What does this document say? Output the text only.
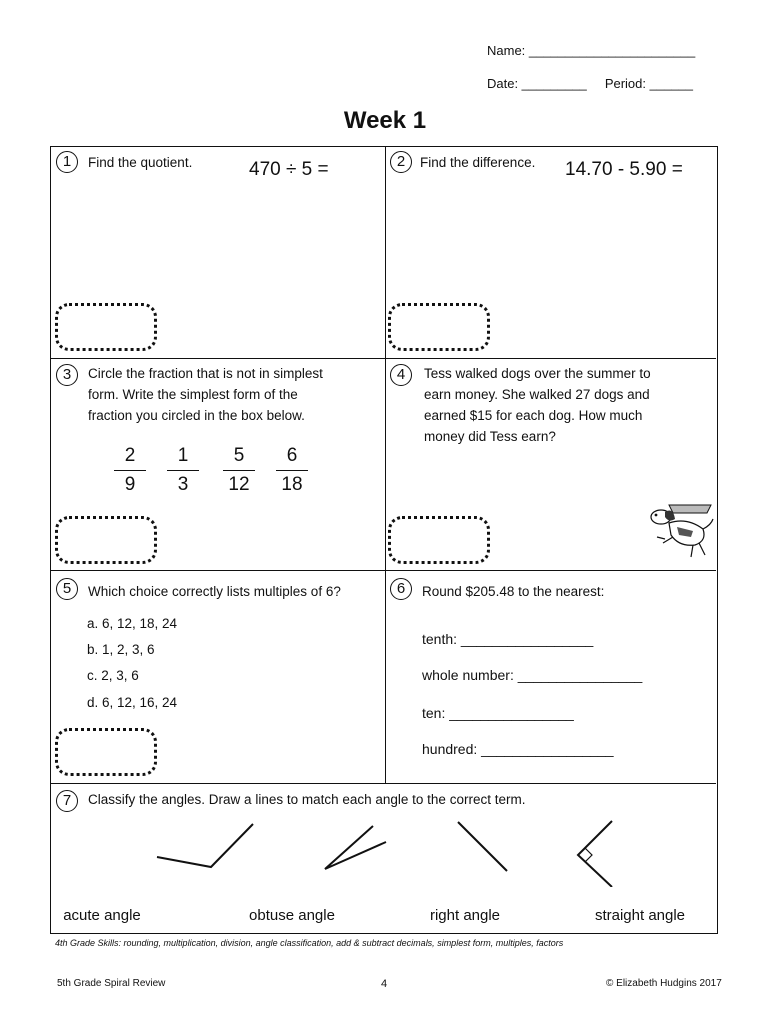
Name: _______________________
Date: _________     Period: ______
Week 1
1	Find the quotient.	470 ÷ 5 =	2	Find the difference. 14.70 - 5.90 =
3	Circle the fraction that is not in simplest
form. Write the simplest form of the
fraction you circled in the box below.
2
9
1
3
5
12
6
18
4	Tess walked dogs over the summer to
earn money. She walked 27 dogs and
earned $15 for each dog. How much
money did Tess earn?
5	Which choice correctly lists multiples of 6?
a. 6, 12, 18, 24
b. 1, 2, 3, 6
c. 2, 3, 6
d. 6, 12, 16, 24
6	Round $205.48 to the nearest:
tenth: _________________
whole number: ________________
ten: ________________
hundred: _________________
7	Classify the angles. Draw a lines to match each angle to the correct term.
acute angle	obtuse angle	right angle	straight angle
4th Grade Skills: rounding, multiplication, division, angle classification, add & subtract decimals, simplest form, multiples, factors
5th Grade Spiral Review	4	© Elizabeth Hudgins 2017
